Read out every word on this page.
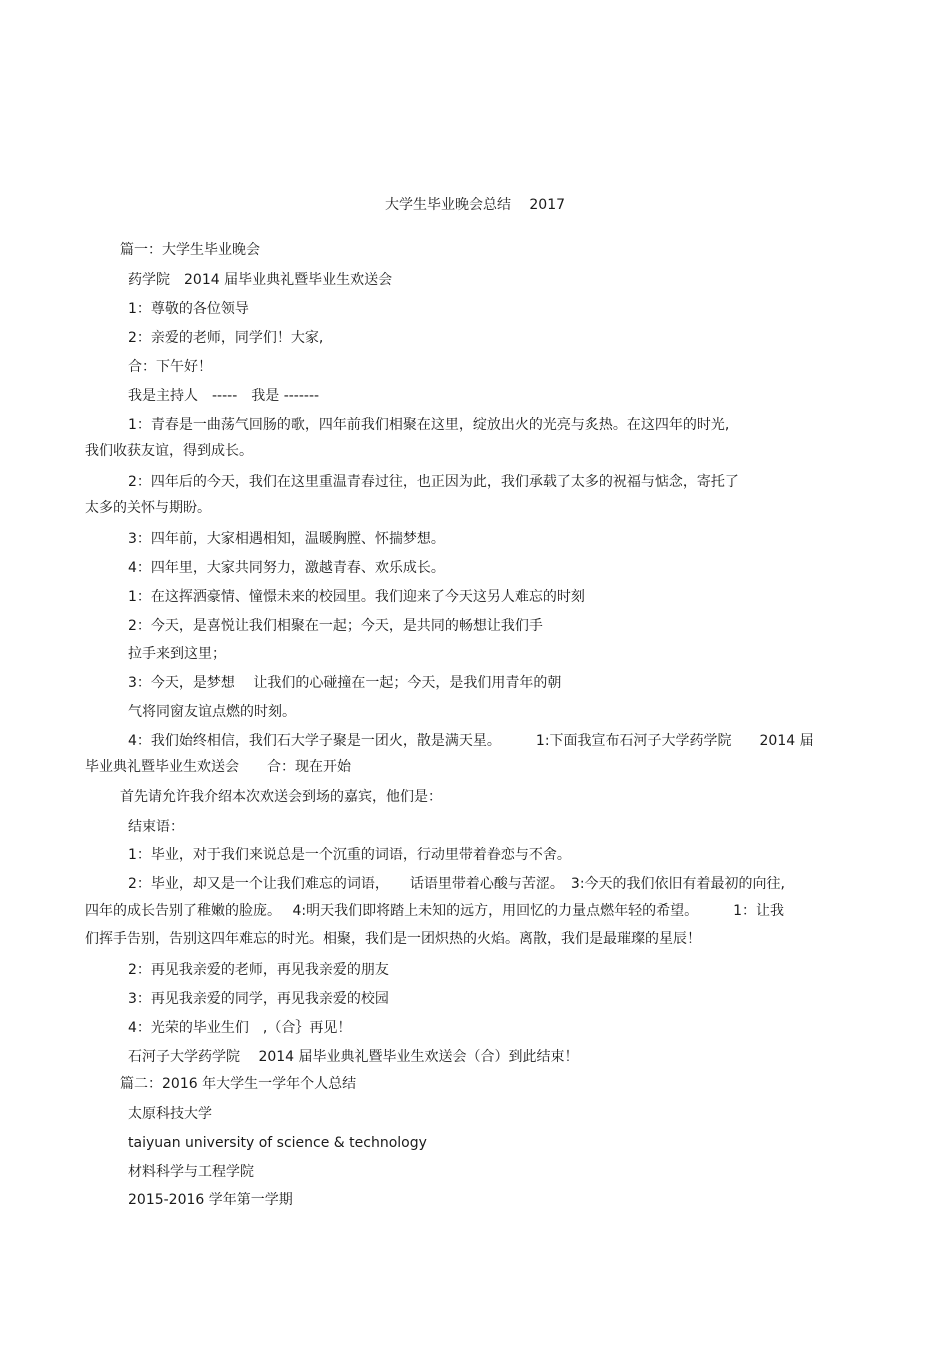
大学生毕业晚会总结　 2017
篇一：大学生毕业晚会
药学院　2014 届毕业典礼暨毕业生欢送会
1：尊敬的各位领导
2：亲爱的老师，同学们！大家,
合：下午好！
我是主持人　-----　我是 -------
1：青春是一曲荡气回肠的歌，四年前我们相聚在这里，绽放出火的光亮与炙热。在这四年的时光,
我们收获友谊，得到成长。
2：四年后的今天，我们在这里重温青春过往，也正因为此，我们承载了太多的祝福与惦念，寄托了
太多的关怀与期盼。
3：四年前，大家相遇相知，温暖胸膛、怀揣梦想。
4：四年里，大家共同努力，激越青春、欢乐成长。
1：在这挥洒豪情、憧憬未来的校园里。我们迎来了今天这另人难忘的时刻
2：今天，是喜悦让我们相聚在一起；今天，是共同的畅想让我们手
拉手来到这里；
3：今天，是梦想　 让我们的心碰撞在一起；今天，是我们用青年的朝
气将同窗友谊点燃的时刻。
4：我们始终相信，我们石大学子聚是一团火，散是满天星。　　　1:下面我宣布石河子大学药学院　　2014 届
毕业典礼暨毕业生欢送会　　合：现在开始
首先请允许我介绍本次欢送会到场的嘉宾，他们是：
结束语：
1：毕业，对于我们来说总是一个沉重的词语，行动里带着眷恋与不舍。
2：毕业，却又是一个让我们难忘的词语，　　话语里带着心酸与苦涩。　3:今天的我们依旧有着最初的向往,
四年的成长告别了稚嫩的脸庞。　 4:明天我们即将踏上未知的远方，用回忆的力量点燃年轻的希望。　　　1：让我
们挥手告别，告别这四年难忘的时光。相聚，我们是一团炽热的火焰。离散，我们是最璀璨的星辰！
2：再见我亲爱的老师，再见我亲爱的朋友
3：再见我亲爱的同学，再见我亲爱的校园
4：光荣的毕业生们　,（合｝再见！
石河子大学药学院　 2014 届毕业典礼暨毕业生欢送会（合）到此结束！
篇二：2016 年大学生一学年个人总结
太原科技大学
taiyuan university of science & technology
材料科学与工程学院
2015-2016 学年第一学期
